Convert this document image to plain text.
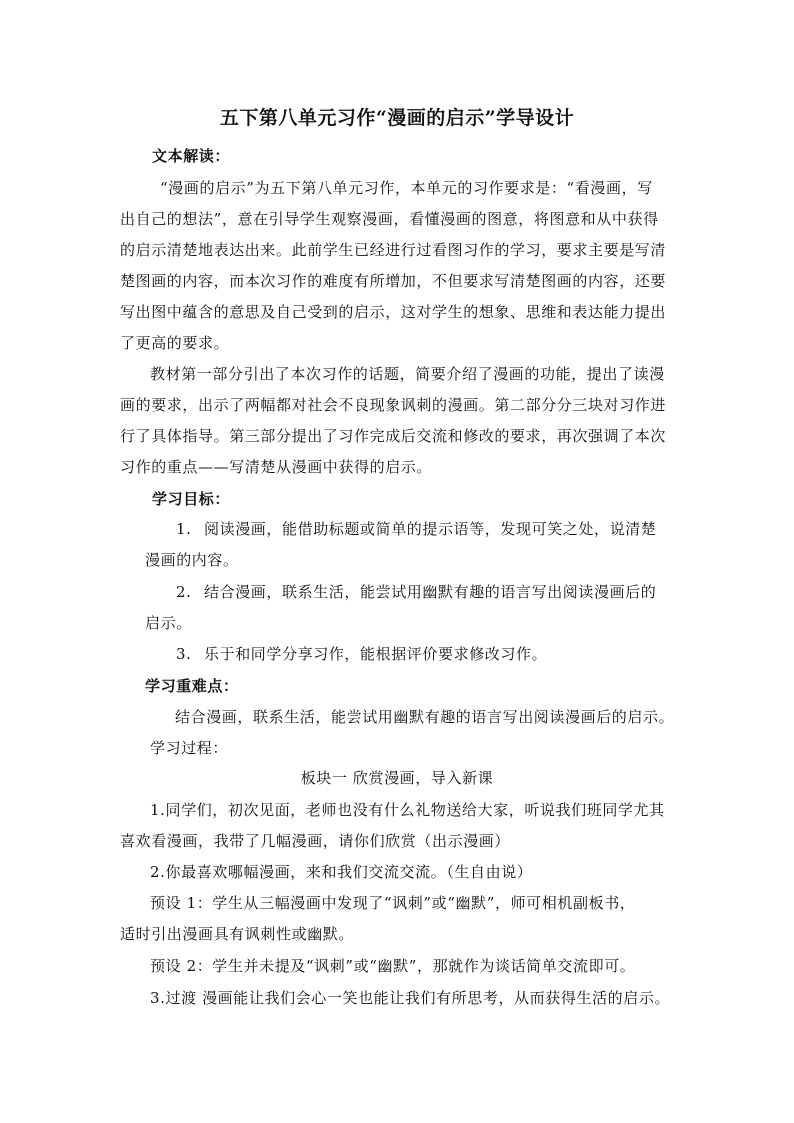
五下第八单元习作“漫画的启示”学导设计
文本解读：
“漫画的启示”为五下第八单元习作，本单元的习作要求是：“看漫画，写
出自己的想法”，意在引导学生观察漫画，看懂漫画的图意，将图意和从中获得
的启示清楚地表达出来。此前学生已经进行过看图习作的学习，要求主要是写清
楚图画的内容，而本次习作的难度有所增加，不但要求写清楚图画的内容，还要
写出图中蕴含的意思及自己受到的启示，这对学生的想象、思维和表达能力提出
了更高的要求。
教材第一部分引出了本次习作的话题，简要介绍了漫画的功能，提出了读漫
画的要求，出示了两幅都对社会不良现象讽刺的漫画。第二部分分三块对习作进
行了具体指导。第三部分提出了习作完成后交流和修改的要求，再次强调了本次
习作的重点——写清楚从漫画中获得的启示。
学习目标：
1. 阅读漫画，能借助标题或简单的提示语等，发现可笑之处，说清楚
漫画的内容。
2. 结合漫画，联系生活，能尝试用幽默有趣的语言写出阅读漫画后的
启示。
3. 乐于和同学分享习作，能根据评价要求修改习作。
学习重难点：
结合漫画，联系生活，能尝试用幽默有趣的语言写出阅读漫画后的启示。
学习过程：
板块一 欣赏漫画，导入新课
1.同学们，初次见面，老师也没有什么礼物送给大家，听说我们班同学尤其
喜欢看漫画，我带了几幅漫画，请你们欣赏（出示漫画）
2.你最喜欢哪幅漫画，来和我们交流交流。（生自由说）
预设 1：学生从三幅漫画中发现了“讽刺”或“幽默”，师可相机副板书，
适时引出漫画具有讽刺性或幽默。
预设 2：学生并未提及“讽刺”或“幽默”，那就作为谈话简单交流即可。
3.过渡 漫画能让我们会心一笑也能让我们有所思考，从而获得生活的启示。
